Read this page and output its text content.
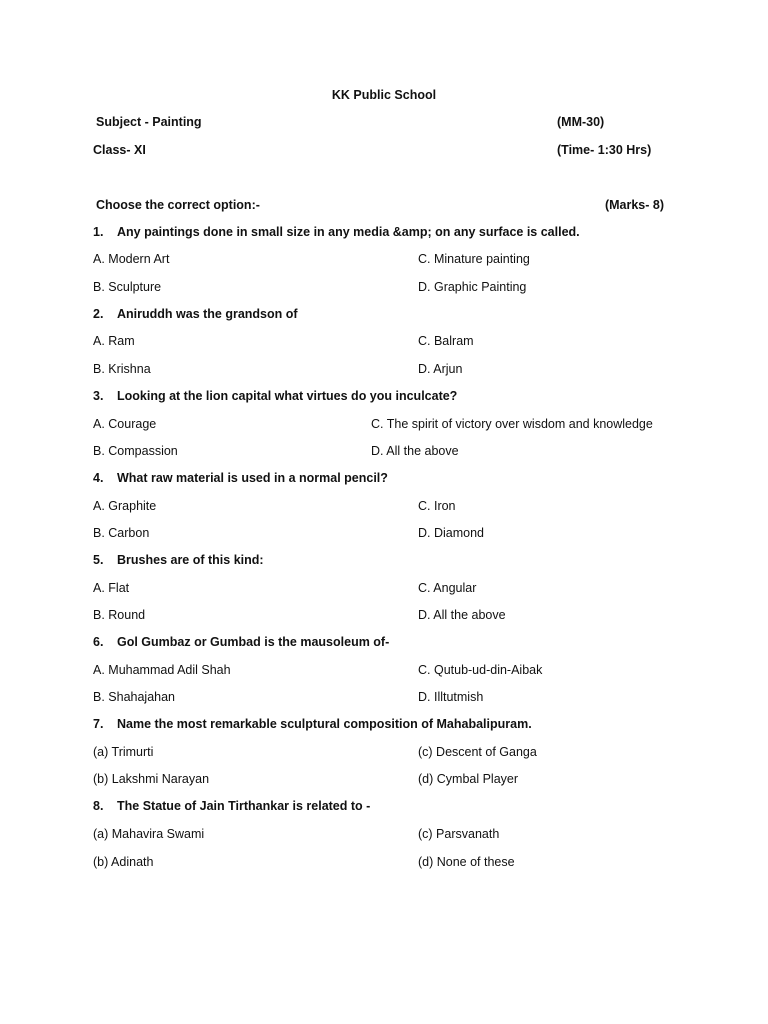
KK Public School
Subject - Painting	(MM-30)
Class- XI	(Time- 1:30 Hrs)
Choose the correct option:-	(Marks- 8)
1. Any paintings done in small size in any media &amp; on any surface is called.
A. Modern Art	C. Minature painting
B. Sculpture	D. Graphic Painting
2. Aniruddh was the grandson of
A. Ram	C. Balram
B. Krishna	D. Arjun
3. Looking at the lion capital what virtues do you inculcate?
A. Courage	C. The spirit of victory over wisdom and knowledge
B. Compassion	D. All the above
4. What raw material is used in a normal pencil?
A. Graphite	C. Iron
B. Carbon	D. Diamond
5. Brushes are of this kind:
A. Flat	C. Angular
B. Round	D. All the above
6. Gol Gumbaz or Gumbad is the mausoleum of-
A. Muhammad Adil Shah	C. Qutub-ud-din-Aibak
B. Shahajahan	D. Illtutmish
7. Name the most remarkable sculptural composition of Mahabalipuram.
(a) Trimurti	(c) Descent of Ganga
(b) Lakshmi Narayan	(d) Cymbal Player
8. The Statue of Jain Tirthankar is related to -
(a) Mahavira Swami	(c) Parsvanath
(b) Adinath	(d) None of these
